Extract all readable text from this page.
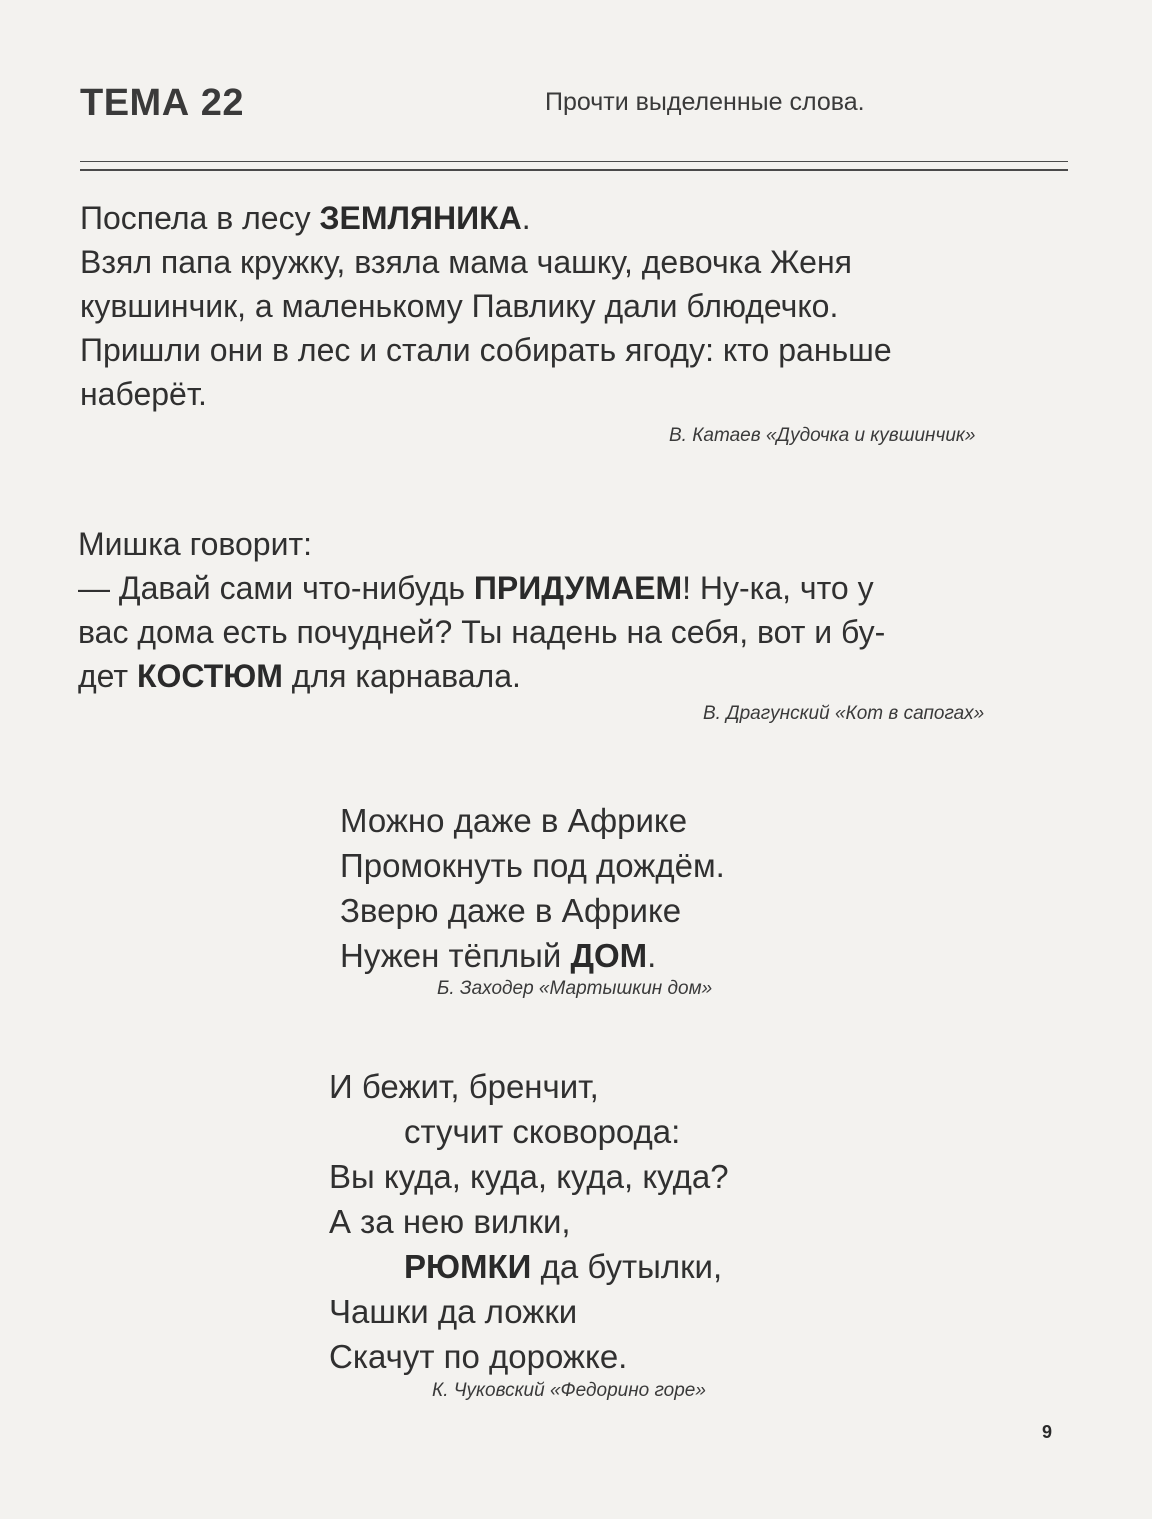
ТЕМА 22	Прочти выделенные слова.
Поспела в лесу ЗЕМЛЯНИКА.
Взял папа кружку, взяла мама чашку, девочка Женя
кувшинчик, а маленькому Павлику дали блюдечко.
Пришли они в лес и стали собирать ягоду: кто раньше
наберёт.
В. Катаев «Дудочка и кувшинчик»
Мишка говорит:
— Давай сами что-нибудь ПРИДУМАЕМ! Ну-ка, что у
вас дома есть почудней? Ты надень на себя, вот и бу-
дет КОСТЮМ для карнавала.
В. Драгунский «Кот в сапогах»
Можно даже в Африке
Промокнуть под дождём.
Зверю даже в Африке
Нужен тёплый ДОМ.
Б. Заходер «Мартышкин дом»
И бежит, бренчит,
стучит сковорода:
Вы куда, куда, куда, куда?
А за нею вилки,
РЮМКИ да бутылки,
Чашки да ложки
Скачут по дорожке.
К. Чуковский «Федорино горе»
9
